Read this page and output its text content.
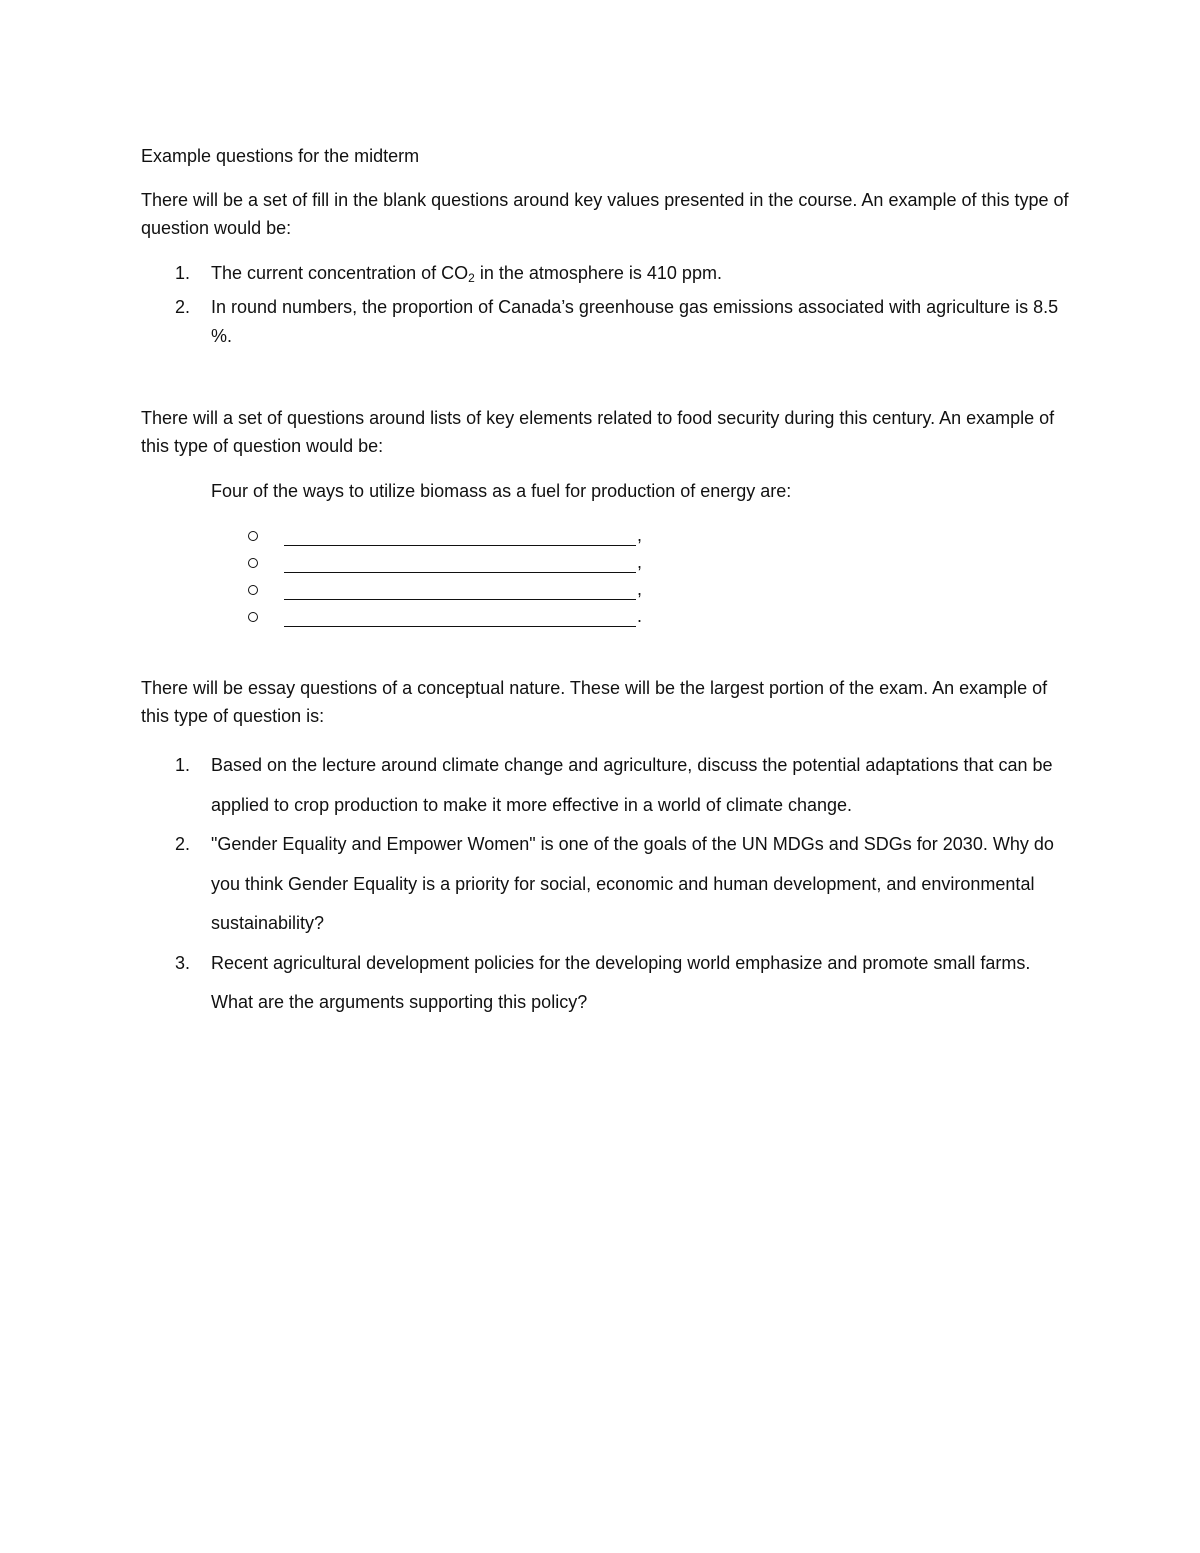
Example questions for the midterm
There will be a set of fill in the blank questions around key values presented in the course. An example of this type of question would be:
1. The current concentration of $CO_2$ in the atmosphere is 410 ppm.
2. In round numbers, the proportion of Canada’s greenhouse gas emissions associated with agriculture is 8.5 %.
There will a set of questions around lists of key elements related to food security during this century. An example of this type of question would be:
Four of the ways to utilize biomass as a fuel for production of energy are:
,
,
,
.
There will be essay questions of a conceptual nature. These will be the largest portion of the exam. An example of this type of question is:
1. Based on the lecture around climate change and agriculture, discuss the potential adaptations that can be applied to crop production to make it more effective in a world of climate change.
2. "Gender Equality and Empower Women" is one of the goals of the UN MDGs and SDGs for 2030. Why do you think Gender Equality is a priority for social, economic and human development, and environmental sustainability?
3. Recent agricultural development policies for the developing world emphasize and promote small farms. What are the arguments supporting this policy?
